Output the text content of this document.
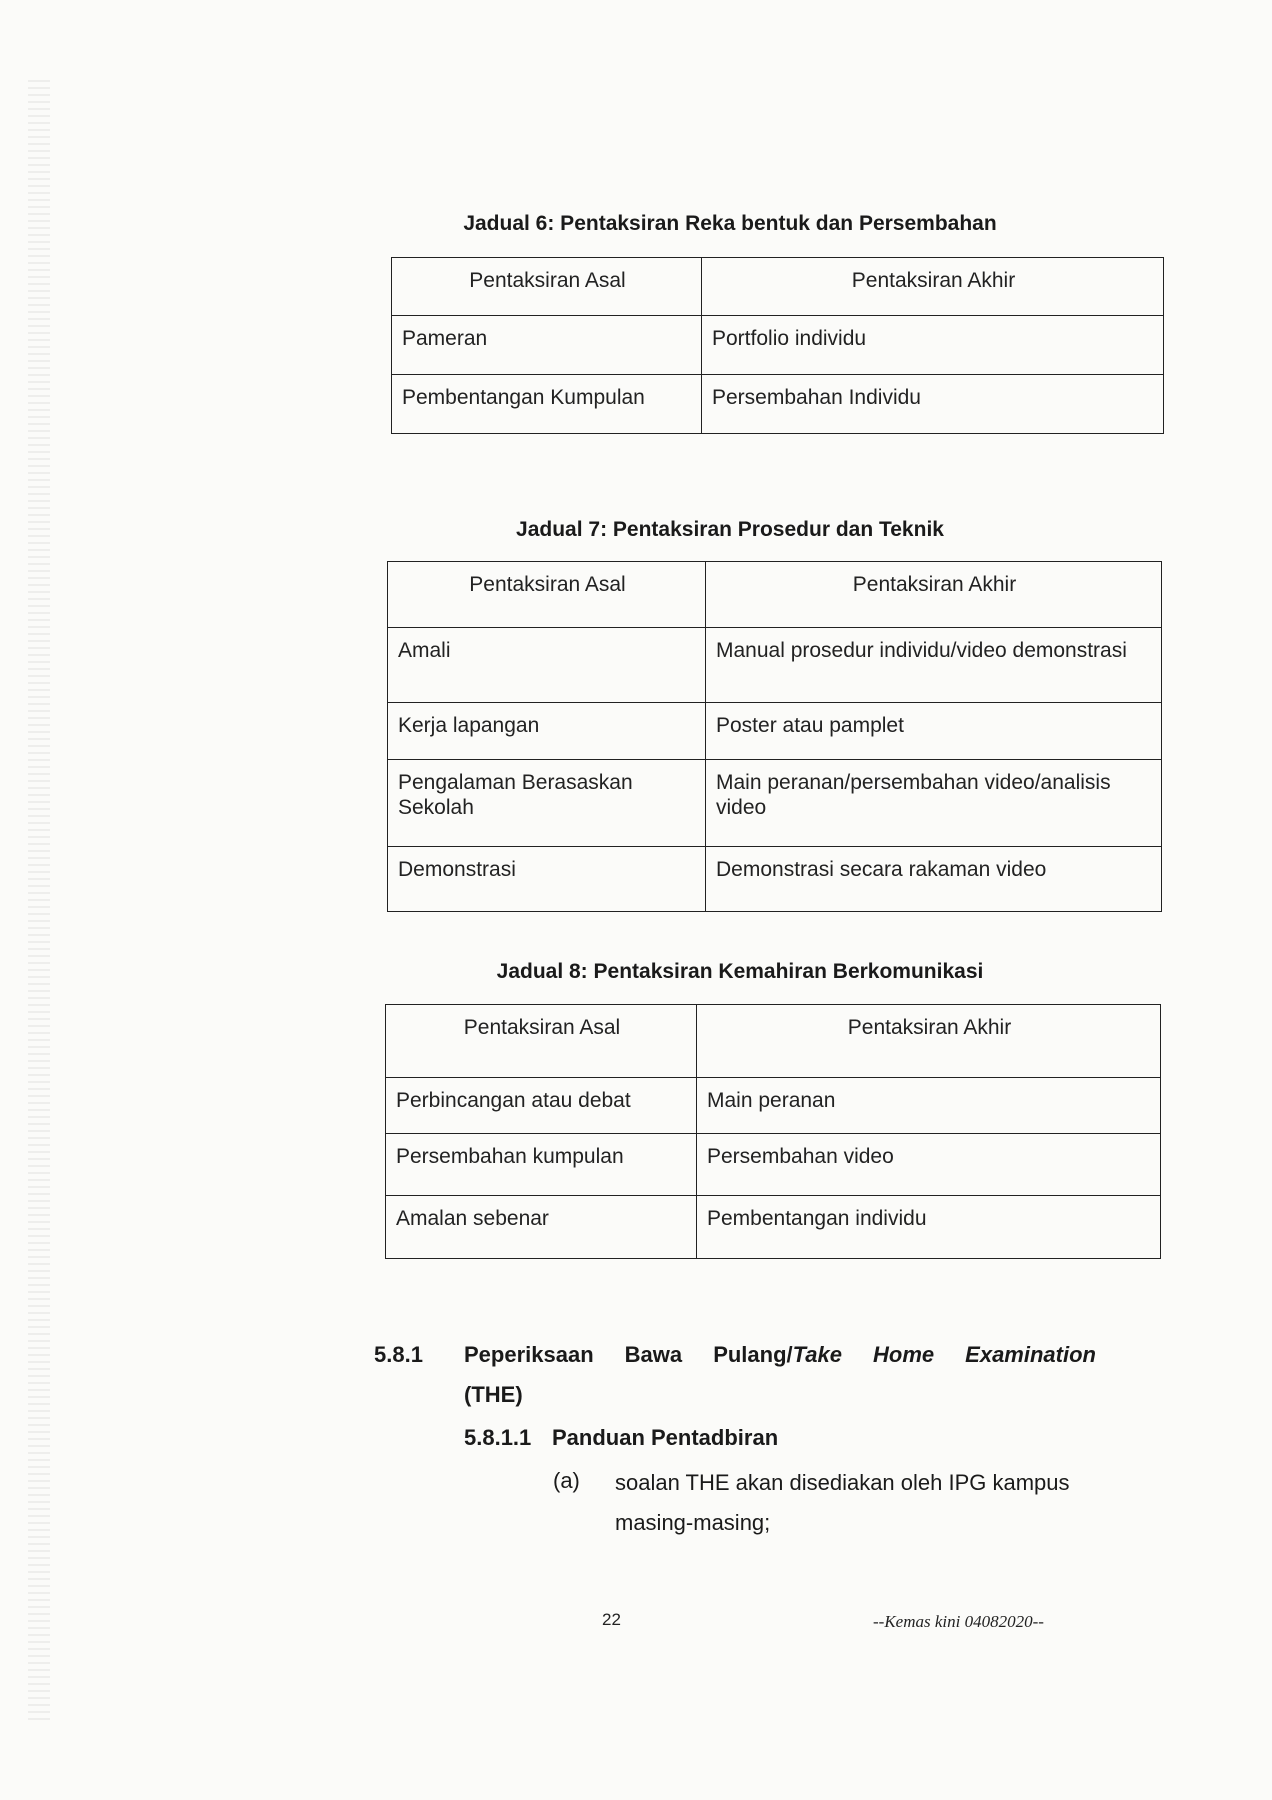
Jadual 6: Pentaksiran Reka bentuk dan Persembahan
Pentaksiran Asal	Pentaksiran Akhir
Pameran	Portfolio individu
Pembentangan Kumpulan	Persembahan Individu
Jadual 7: Pentaksiran Prosedur dan Teknik
Pentaksiran Asal	Pentaksiran Akhir
Amali	Manual prosedur individu/video demonstrasi
Kerja lapangan	Poster atau pamplet
Pengalaman Berasaskan Sekolah	Main peranan/persembahan video/analisis video
Demonstrasi	Demonstrasi secara rakaman video
Jadual 8: Pentaksiran Kemahiran Berkomunikasi
Pentaksiran Asal	Pentaksiran Akhir
Perbincangan atau debat	Main peranan
Persembahan kumpulan	Persembahan video
Amalan sebenar	Pembentangan individu
5.8.1 Peperiksaan Bawa Pulang/Take Home Examination
(THE)
5.8.1.1 Panduan Pentadbiran
(a) soalan THE akan disediakan oleh IPG kampus
masing-masing;
22	--Kemas kini 04082020--
